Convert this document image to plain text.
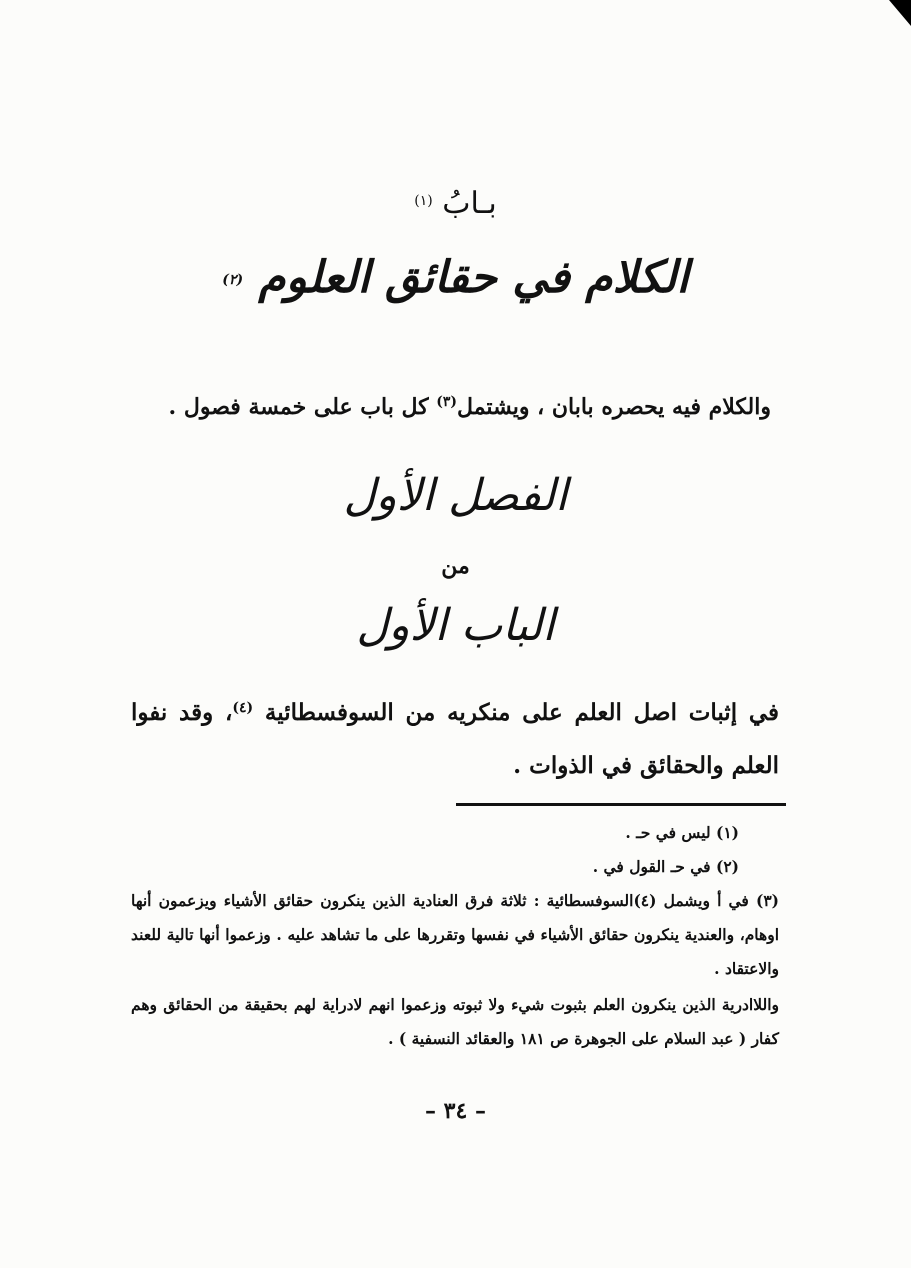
بـابُ $^{(١)}$
الكلام في حقائق العلوم (٢)
والكلام فيه يحصره بابان ، ويشتمل$^{(٣)}$ كل باب على خمسة فصول .
الفصل الأول
من
الباب الأول
في إثبات اصل العلم على منكريه من السوفسطائية $^{(٤)}$، وقد نفوا العلم والحقائق في الذوات .
(١) ليس في حـ .
(٢) في حـ القول في .
(٣) في أ ويشمل (٤)السوفسطائية : ثلاثة فرق العنادية الذين ينكرون حقائق الأشياء ويزعمون أنها اوهام، والعندية ينكرون حقائق الأشياء في نفسها وتقررها على ما تشاهد عليه . وزعموا أنها تالية للعند والاعتقاد .
واللاادرية الذين ينكرون العلم بثبوت شيء ولا ثبوته وزعموا انهم لادراية لهم بحقيقة من الحقائق وهم كفار ( عبد السلام على الجوهرة ص ١٨١ والعقائد النسفية ) .
– ٣٤ –
